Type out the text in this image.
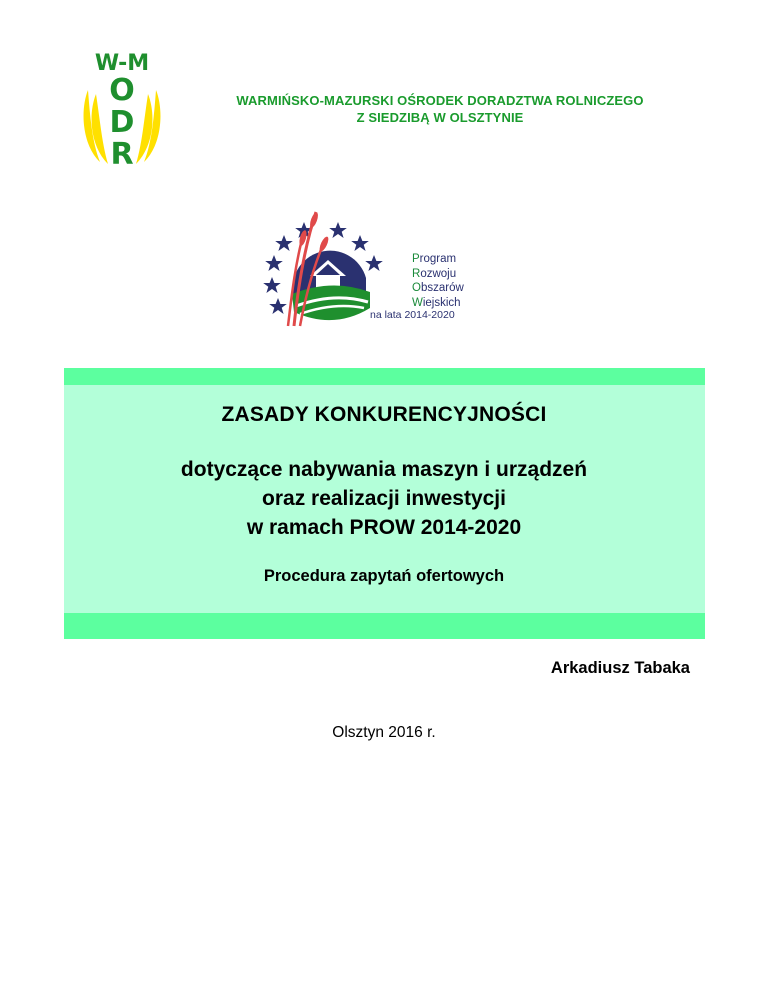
W-M
O
D
R
WARMIŃSKO-MAZURSKI OŚRODEK DORADZTWA ROLNICZEGO
Z SIEDZIBĄ W OLSZTYNIE
Program
Rozwoju
Obszarów
Wiejskich
na lata 2014-2020
ZASADY KONKURENCYJNOŚCI
dotyczące nabywania maszyn i urządzeń
oraz realizacji inwestycji
w ramach PROW 2014-2020
Procedura zapytań ofertowych
Arkadiusz Tabaka
Olsztyn 2016 r.
